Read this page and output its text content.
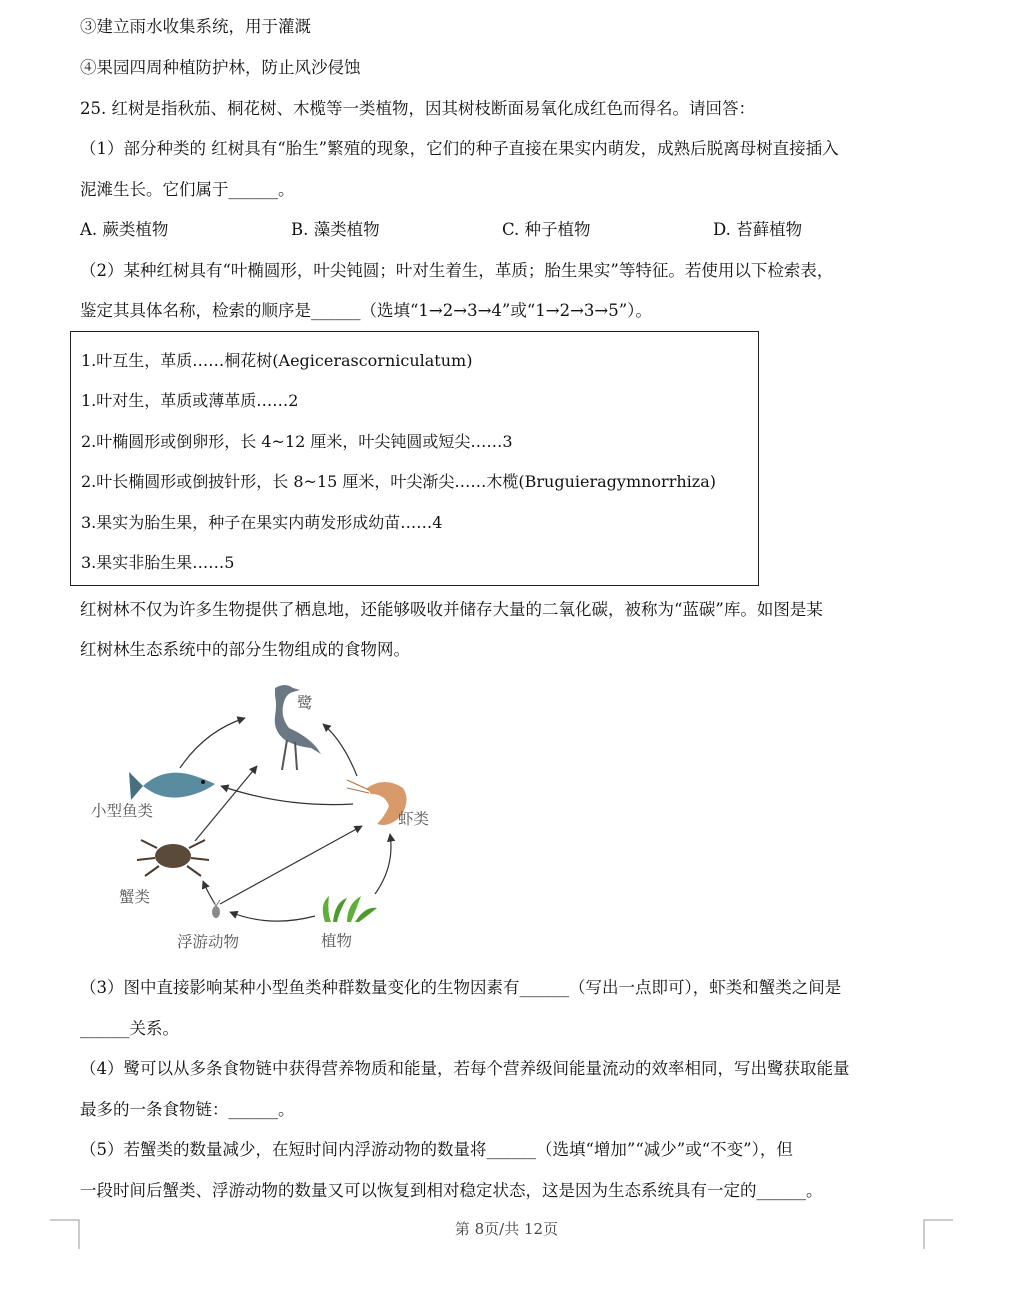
③建立雨水收集系统，用于灌溉
④果园四周种植防护林，防止风沙侵蚀
25. 红树是指秋茄、桐花树、木榄等一类植物，因其树枝断面易氧化成红色而得名。请回答：
（1）部分种类的 红树具有“胎生”繁殖的现象，它们的种子直接在果实内萌发，成熟后脱离母树直接插入
泥滩生长。它们属于______。
A. 蕨类植物	B. 藻类植物	C. 种子植物	D. 苔藓植物
（2）某种红树具有“叶椭圆形，叶尖钝圆；叶对生着生，革质；胎生果实”等特征。若使用以下检索表，
鉴定其具体名称，检索的顺序是______（选填“1→2→3→4”或“1→2→3→5”）。
1.叶互生，革质……桐花树(Aegicerascorniculatum)
1.叶对生，革质或薄革质……2
2.叶椭圆形或倒卵形，长 4~12 厘米，叶尖钝圆或短尖……3
2.叶长椭圆形或倒披针形，长 8~15 厘米，叶尖渐尖……木榄(Bruguieragymnorrhiza)
3.果实为胎生果，种子在果实内萌发形成幼苗……4
3.果实非胎生果……5
红树林不仅为许多生物提供了栖息地，还能够吸收并储存大量的二氧化碳，被称为“蓝碳”库。如图是某
红树林生态系统中的部分生物组成的食物网。
鹭
小型鱼类	虾类
蟹类
浮游动物	植物
（3）图中直接影响某种小型鱼类种群数量变化的生物因素有______（写出一点即可），虾类和蟹类之间是
______关系。
（4）鹭可以从多条食物链中获得营养物质和能量，若每个营养级间能量流动的效率相同，写出鹭获取能量
最多的一条食物链：______。
（5）若蟹类的数量减少，在短时间内浮游动物的数量将______（选填“增加”“减少”或“不变”），但
一段时间后蟹类、浮游动物的数量又可以恢复到相对稳定状态，这是因为生态系统具有一定的______。
第 8页/共 12页
